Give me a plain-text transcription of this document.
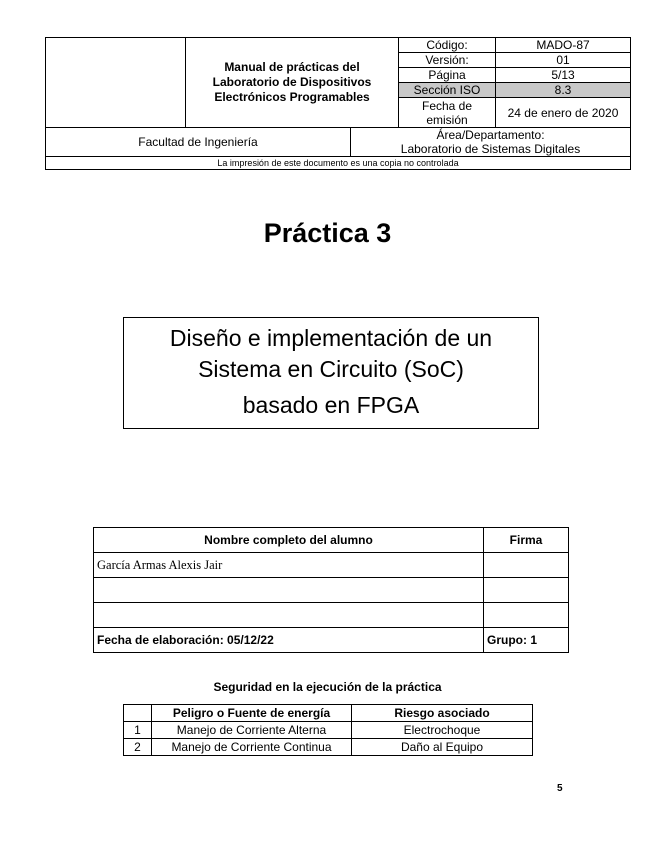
	Manual de prácticas del
Laboratorio de Dispositivos
Electrónicos Programables		Código:	MADO-87
			Versión:	01
			Página	5/13
			Sección ISO	8.3
			Fecha de emisión	24 de enero de 2020
Facultad de Ingeniería		Área/Departamento:
Laboratorio de Sistemas Digitales		
La impresión de este documento es una copia no controlada				
Práctica 3
Diseño e implementación de un
Sistema en Circuito (SoC)

basado en FPGA
Nombre completo del alumno	Firma
García Armas Alexis Jair	

Fecha de elaboración: 05/12/22	Grupo: 1
Seguridad en la ejecución de la práctica
	Peligro o Fuente de energía	Riesgo asociado
1	Manejo de Corriente Alterna	Electrochoque
2	Manejo de Corriente Continua	Daño al Equipo
5
